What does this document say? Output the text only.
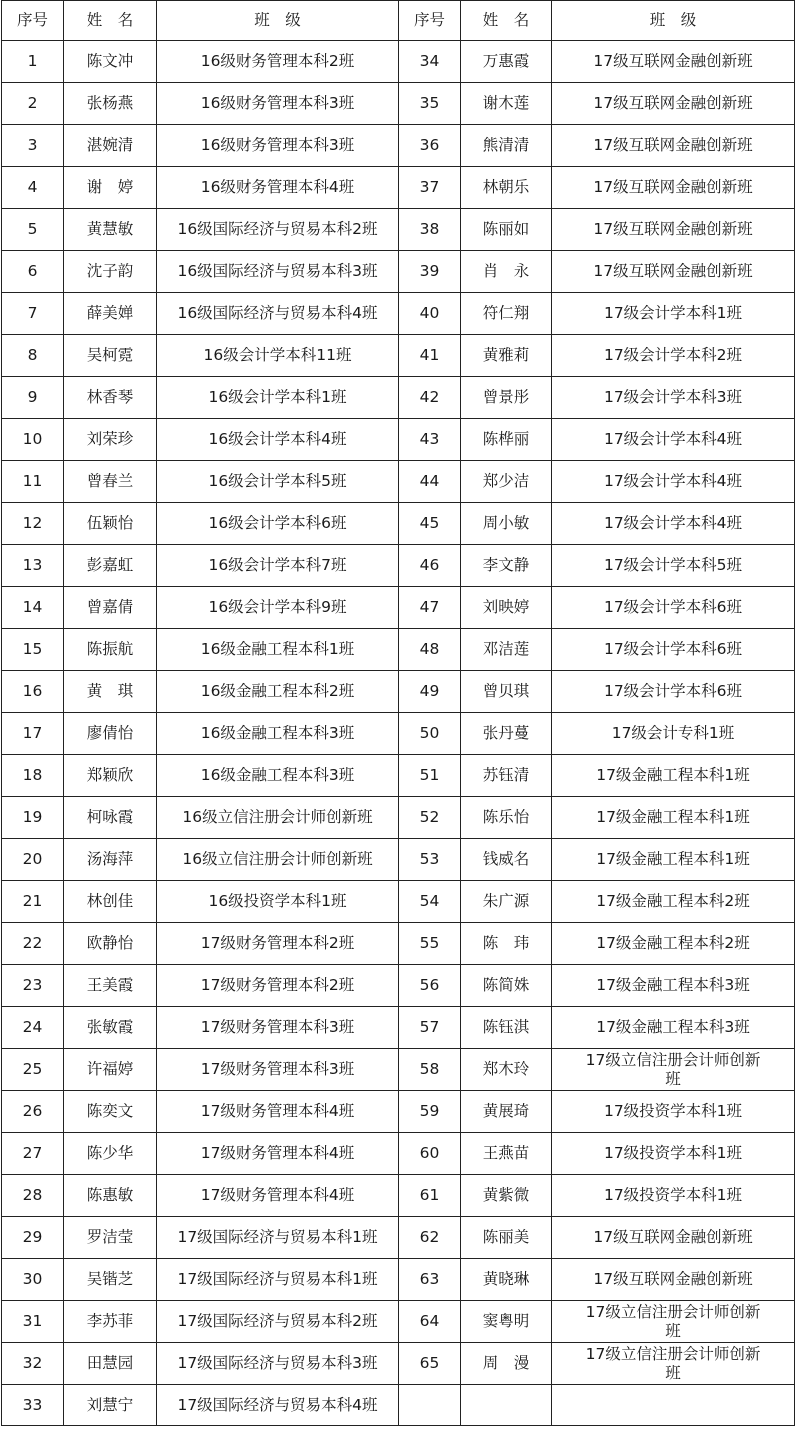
序号	姓　名	班　级	序号	姓　名	班　级
1	陈文冲	16级财务管理本科2班	34	万惠霞	17级互联网金融创新班
2	张杨燕	16级财务管理本科3班	35	谢木莲	17级互联网金融创新班
3	湛婉清	16级财务管理本科3班	36	熊清清	17级互联网金融创新班
4	谢　婷	16级财务管理本科4班	37	林朝乐	17级互联网金融创新班
5	黄慧敏	16级国际经济与贸易本科2班	38	陈丽如	17级互联网金融创新班
6	沈子韵	16级国际经济与贸易本科3班	39	肖　永	17级互联网金融创新班
7	薛美婵	16级国际经济与贸易本科4班	40	符仁翔	17级会计学本科1班
8	吴柯霓	16级会计学本科11班	41	黄雅莉	17级会计学本科2班
9	林香琴	16级会计学本科1班	42	曾景彤	17级会计学本科3班
10	刘荣珍	16级会计学本科4班	43	陈桦丽	17级会计学本科4班
11	曾春兰	16级会计学本科5班	44	郑少洁	17级会计学本科4班
12	伍颖怡	16级会计学本科6班	45	周小敏	17级会计学本科4班
13	彭嘉虹	16级会计学本科7班	46	李文静	17级会计学本科5班
14	曾嘉倩	16级会计学本科9班	47	刘映婷	17级会计学本科6班
15	陈振航	16级金融工程本科1班	48	邓洁莲	17级会计学本科6班
16	黄　琪	16级金融工程本科2班	49	曾贝琪	17级会计学本科6班
17	廖倩怡	16级金融工程本科3班	50	张丹蔓	17级会计专科1班
18	郑颖欣	16级金融工程本科3班	51	苏钰清	17级金融工程本科1班
19	柯咏霞	16级立信注册会计师创新班	52	陈乐怡	17级金融工程本科1班
20	汤海萍	16级立信注册会计师创新班	53	钱威名	17级金融工程本科1班
21	林创佳	16级投资学本科1班	54	朱广源	17级金融工程本科2班
22	欧静怡	17级财务管理本科2班	55	陈　玮	17级金融工程本科2班
23	王美霞	17级财务管理本科2班	56	陈简姝	17级金融工程本科3班
24	张敏霞	17级财务管理本科3班	57	陈钰淇	17级金融工程本科3班
25	许福婷	17级财务管理本科3班	58	郑木玲	17级立信注册会计师创新班
26	陈奕文	17级财务管理本科4班	59	黄展琦	17级投资学本科1班
27	陈少华	17级财务管理本科4班	60	王燕苗	17级投资学本科1班
28	陈惠敏	17级财务管理本科4班	61	黄紫微	17级投资学本科1班
29	罗洁莹	17级国际经济与贸易本科1班	62	陈丽美	17级互联网金融创新班
30	吴锴芝	17级国际经济与贸易本科1班	63	黄晓琳	17级互联网金融创新班
31	李苏菲	17级国际经济与贸易本科2班	64	窦粤明	17级立信注册会计师创新班
32	田慧园	17级国际经济与贸易本科3班	65	周　漫	17级立信注册会计师创新班
33	刘慧宁	17级国际经济与贸易本科4班			
